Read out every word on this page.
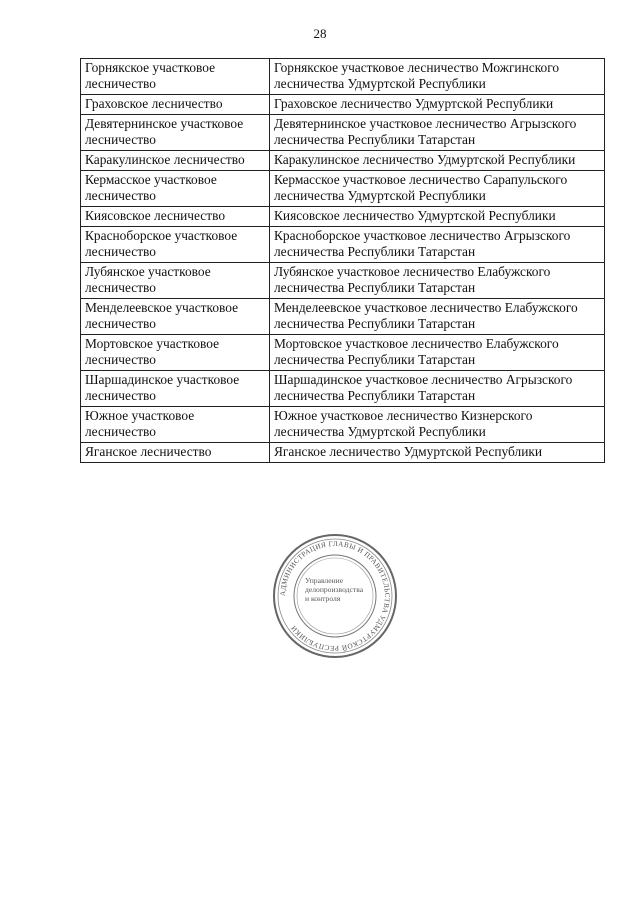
28
Горнякское участковое лесничество	Горнякское участковое лесничество Можгинского лесничества Удмуртской Республики
Граховское лесничество	Граховское лесничество Удмуртской Республики
Девятернинское участковое лесничество	Девятернинское участковое лесничество Агрызского лесничества Республики Татарстан
Каракулинское лесничество	Каракулинское лесничество Удмуртской Республики
Кермасское участковое лесничество	Кермасское участковое лесничество Сарапульского лесничества Удмуртской Республики
Киясовское лесничество	Киясовское лесничество Удмуртской Республики
Красноборское участковое лесничество	Красноборское участковое лесничество Агрызского лесничества Республики Татарстан
Лубянское участковое лесничество	Лубянское участковое лесничество Елабужского лесничества Республики Татарстан
Менделеевское участковое лесничество	Менделеевское участковое лесничество Елабужского лесничества Республики Татарстан
Мортовское участковое лесничество	Мортовское участковое лесничество Елабужского лесничества Республики Татарстан
Шаршадинское участковое лесничество	Шаршадинское участковое лесничество Агрызского лесничества Республики Татарстан
Южное участковое лесничество	Южное участковое лесничество Кизнерского лесничества Удмуртской Республики
Яганское лесничество	Яганское лесничество Удмуртской Республики
АДМИНИСТРАЦИЯ ГЛАВЫ И ПРАВИТЕЛЬСТВА УДМУРТСКОЙ РЕСПУБЛИКИ
Управление
делопроизводства
и контроля
